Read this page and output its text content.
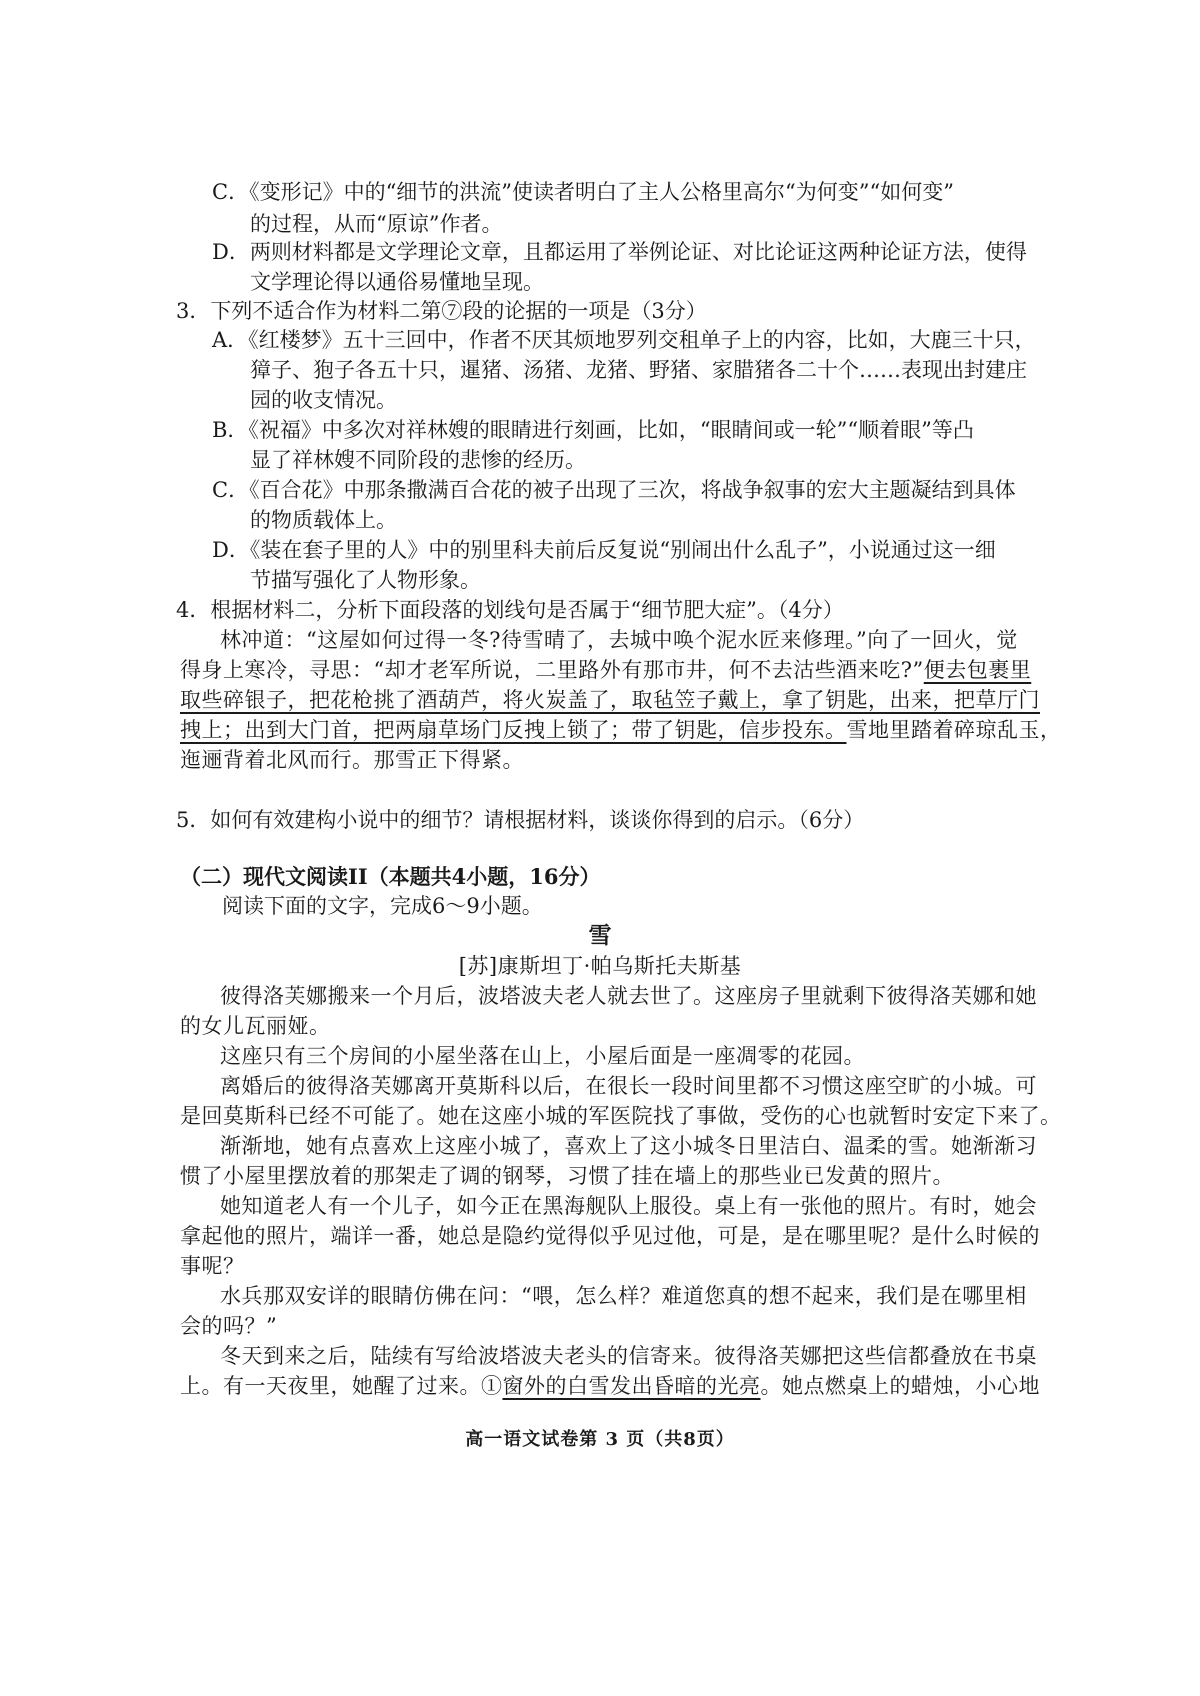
C．《变形记》中的“细节的洪流”使读者明白了主人公格里高尔“为何变”“如何变”
的过程，从而“原谅”作者。
D．两则材料都是文学理论文章，且都运用了举例论证、对比论证这两种论证方法，使得
文学理论得以通俗易懂地呈现。
3．下列不适合作为材料二第⑦段的论据的一项是（3分）
A．《红楼梦》五十三回中，作者不厌其烦地罗列交租单子上的内容，比如，大鹿三十只，
獐子、狍子各五十只，暹猪、汤猪、龙猪、野猪、家腊猪各二十个……表现出封建庄
园的收支情况。
B．《祝福》中多次对祥林嫂的眼睛进行刻画，比如，“眼睛间或一轮”“顺着眼”等凸
显了祥林嫂不同阶段的悲惨的经历。
C．《百合花》中那条撒满百合花的被子出现了三次，将战争叙事的宏大主题凝结到具体
的物质载体上。
D．《装在套子里的人》中的别里科夫前后反复说“别闹出什么乱子”，小说通过这一细
节描写强化了人物形象。
4．根据材料二，分析下面段落的划线句是否属于“细节肥大症”。（4分）
林冲道：“这屋如何过得一冬?待雪晴了，去城中唤个泥水匠来修理。”向了一回火，觉
得身上寒冷，寻思：“却才老军所说，二里路外有那市井，何不去沽些酒来吃?”便去包裹里
取些碎银子，把花枪挑了酒葫芦，将火炭盖了，取毡笠子戴上，拿了钥匙，出来，把草厅门
拽上；出到大门首，把两扇草场门反拽上锁了；带了钥匙，信步投东。雪地里踏着碎琼乱玉，
迤逦背着北风而行。那雪正下得紧。
5．如何有效建构小说中的细节？请根据材料，谈谈你得到的启示。（6分）
（二）现代文阅读II（本题共4小题，16分）
阅读下面的文字，完成6～9小题。
雪
[苏]康斯坦丁·帕乌斯托夫斯基
彼得洛芙娜搬来一个月后，波塔波夫老人就去世了。这座房子里就剩下彼得洛芙娜和她
的女儿瓦丽娅。
这座只有三个房间的小屋坐落在山上，小屋后面是一座凋零的花园。
离婚后的彼得洛芙娜离开莫斯科以后，在很长一段时间里都不习惯这座空旷的小城。可
是回莫斯科已经不可能了。她在这座小城的军医院找了事做，受伤的心也就暂时安定下来了。
渐渐地，她有点喜欢上这座小城了，喜欢上了这小城冬日里洁白、温柔的雪。她渐渐习
惯了小屋里摆放着的那架走了调的钢琴，习惯了挂在墙上的那些业已发黄的照片。
她知道老人有一个儿子，如今正在黑海舰队上服役。桌上有一张他的照片。有时，她会
拿起他的照片，端详一番，她总是隐约觉得似乎见过他，可是，是在哪里呢？是什么时候的
事呢？
水兵那双安详的眼睛仿佛在问：“喂，怎么样？难道您真的想不起来，我们是在哪里相
会的吗？”
冬天到来之后，陆续有写给波塔波夫老头的信寄来。彼得洛芙娜把这些信都叠放在书桌
上。有一天夜里，她醒了过来。①窗外的白雪发出昏暗的光亮。她点燃桌上的蜡烛，小心地
高一语文试卷第 3 页（共8页）
